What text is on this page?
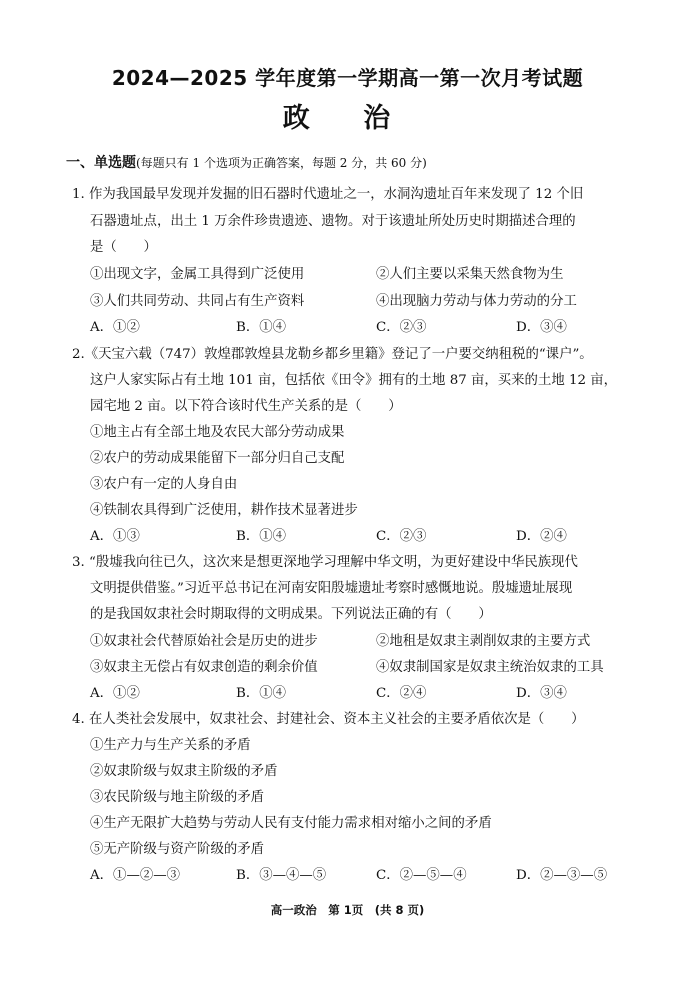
2024—2025 学年度第一学期高一第一次月考试题
政 治
一、单选题(每题只有 1 个选项为正确答案，每题 2 分，共 60 分)
1. 作为我国最早发现并发掘的旧石器时代遗址之一，水洞沟遗址百年来发现了 12 个旧
石器遗址点，出土 1 万余件珍贵遗迹、遗物。对于该遗址所处历史时期描述合理的
是（　　）
①出现文字，金属工具得到广泛使用	②人们主要以采集天然食物为生
③人们共同劳动、共同占有生产资料	④出现脑力劳动与体力劳动的分工
A．①②	B．①④	C．②③	D．③④
2.《天宝六载（747）敦煌郡敦煌县龙勒乡都乡里籍》登记了一户要交纳租税的“课户”。
这户人家实际占有土地 101 亩，包括依《田令》拥有的土地 87 亩，买来的土地 12 亩，
园宅地 2 亩。以下符合该时代生产关系的是（　　）
①地主占有全部土地及农民大部分劳动成果
②农户的劳动成果能留下一部分归自己支配
③农户有一定的人身自由
④铁制农具得到广泛使用，耕作技术显著进步
A．①③	B．①④	C．②③	D．②④
3. “殷墟我向往已久，这次来是想更深地学习理解中华文明，为更好建设中华民族现代
文明提供借鉴。”习近平总书记在河南安阳殷墟遗址考察时感慨地说。殷墟遗址展现
的是我国奴隶社会时期取得的文明成果。下列说法正确的有（　　）
①奴隶社会代替原始社会是历史的进步	②地租是奴隶主剥削奴隶的主要方式
③奴隶主无偿占有奴隶创造的剩余价值	④奴隶制国家是奴隶主统治奴隶的工具
A．①②	B．①④	C．②④	D．③④
4. 在人类社会发展中，奴隶社会、封建社会、资本主义社会的主要矛盾依次是（　　）
①生产力与生产关系的矛盾
②奴隶阶级与奴隶主阶级的矛盾
③农民阶级与地主阶级的矛盾
④生产无限扩大趋势与劳动人民有支付能力需求相对缩小之间的矛盾
⑤无产阶级与资产阶级的矛盾
A．①—②—③	B．③—④—⑤	C．②—⑤—④	D．②—③—⑤
高一政治　第 1页　(共 8 页)
